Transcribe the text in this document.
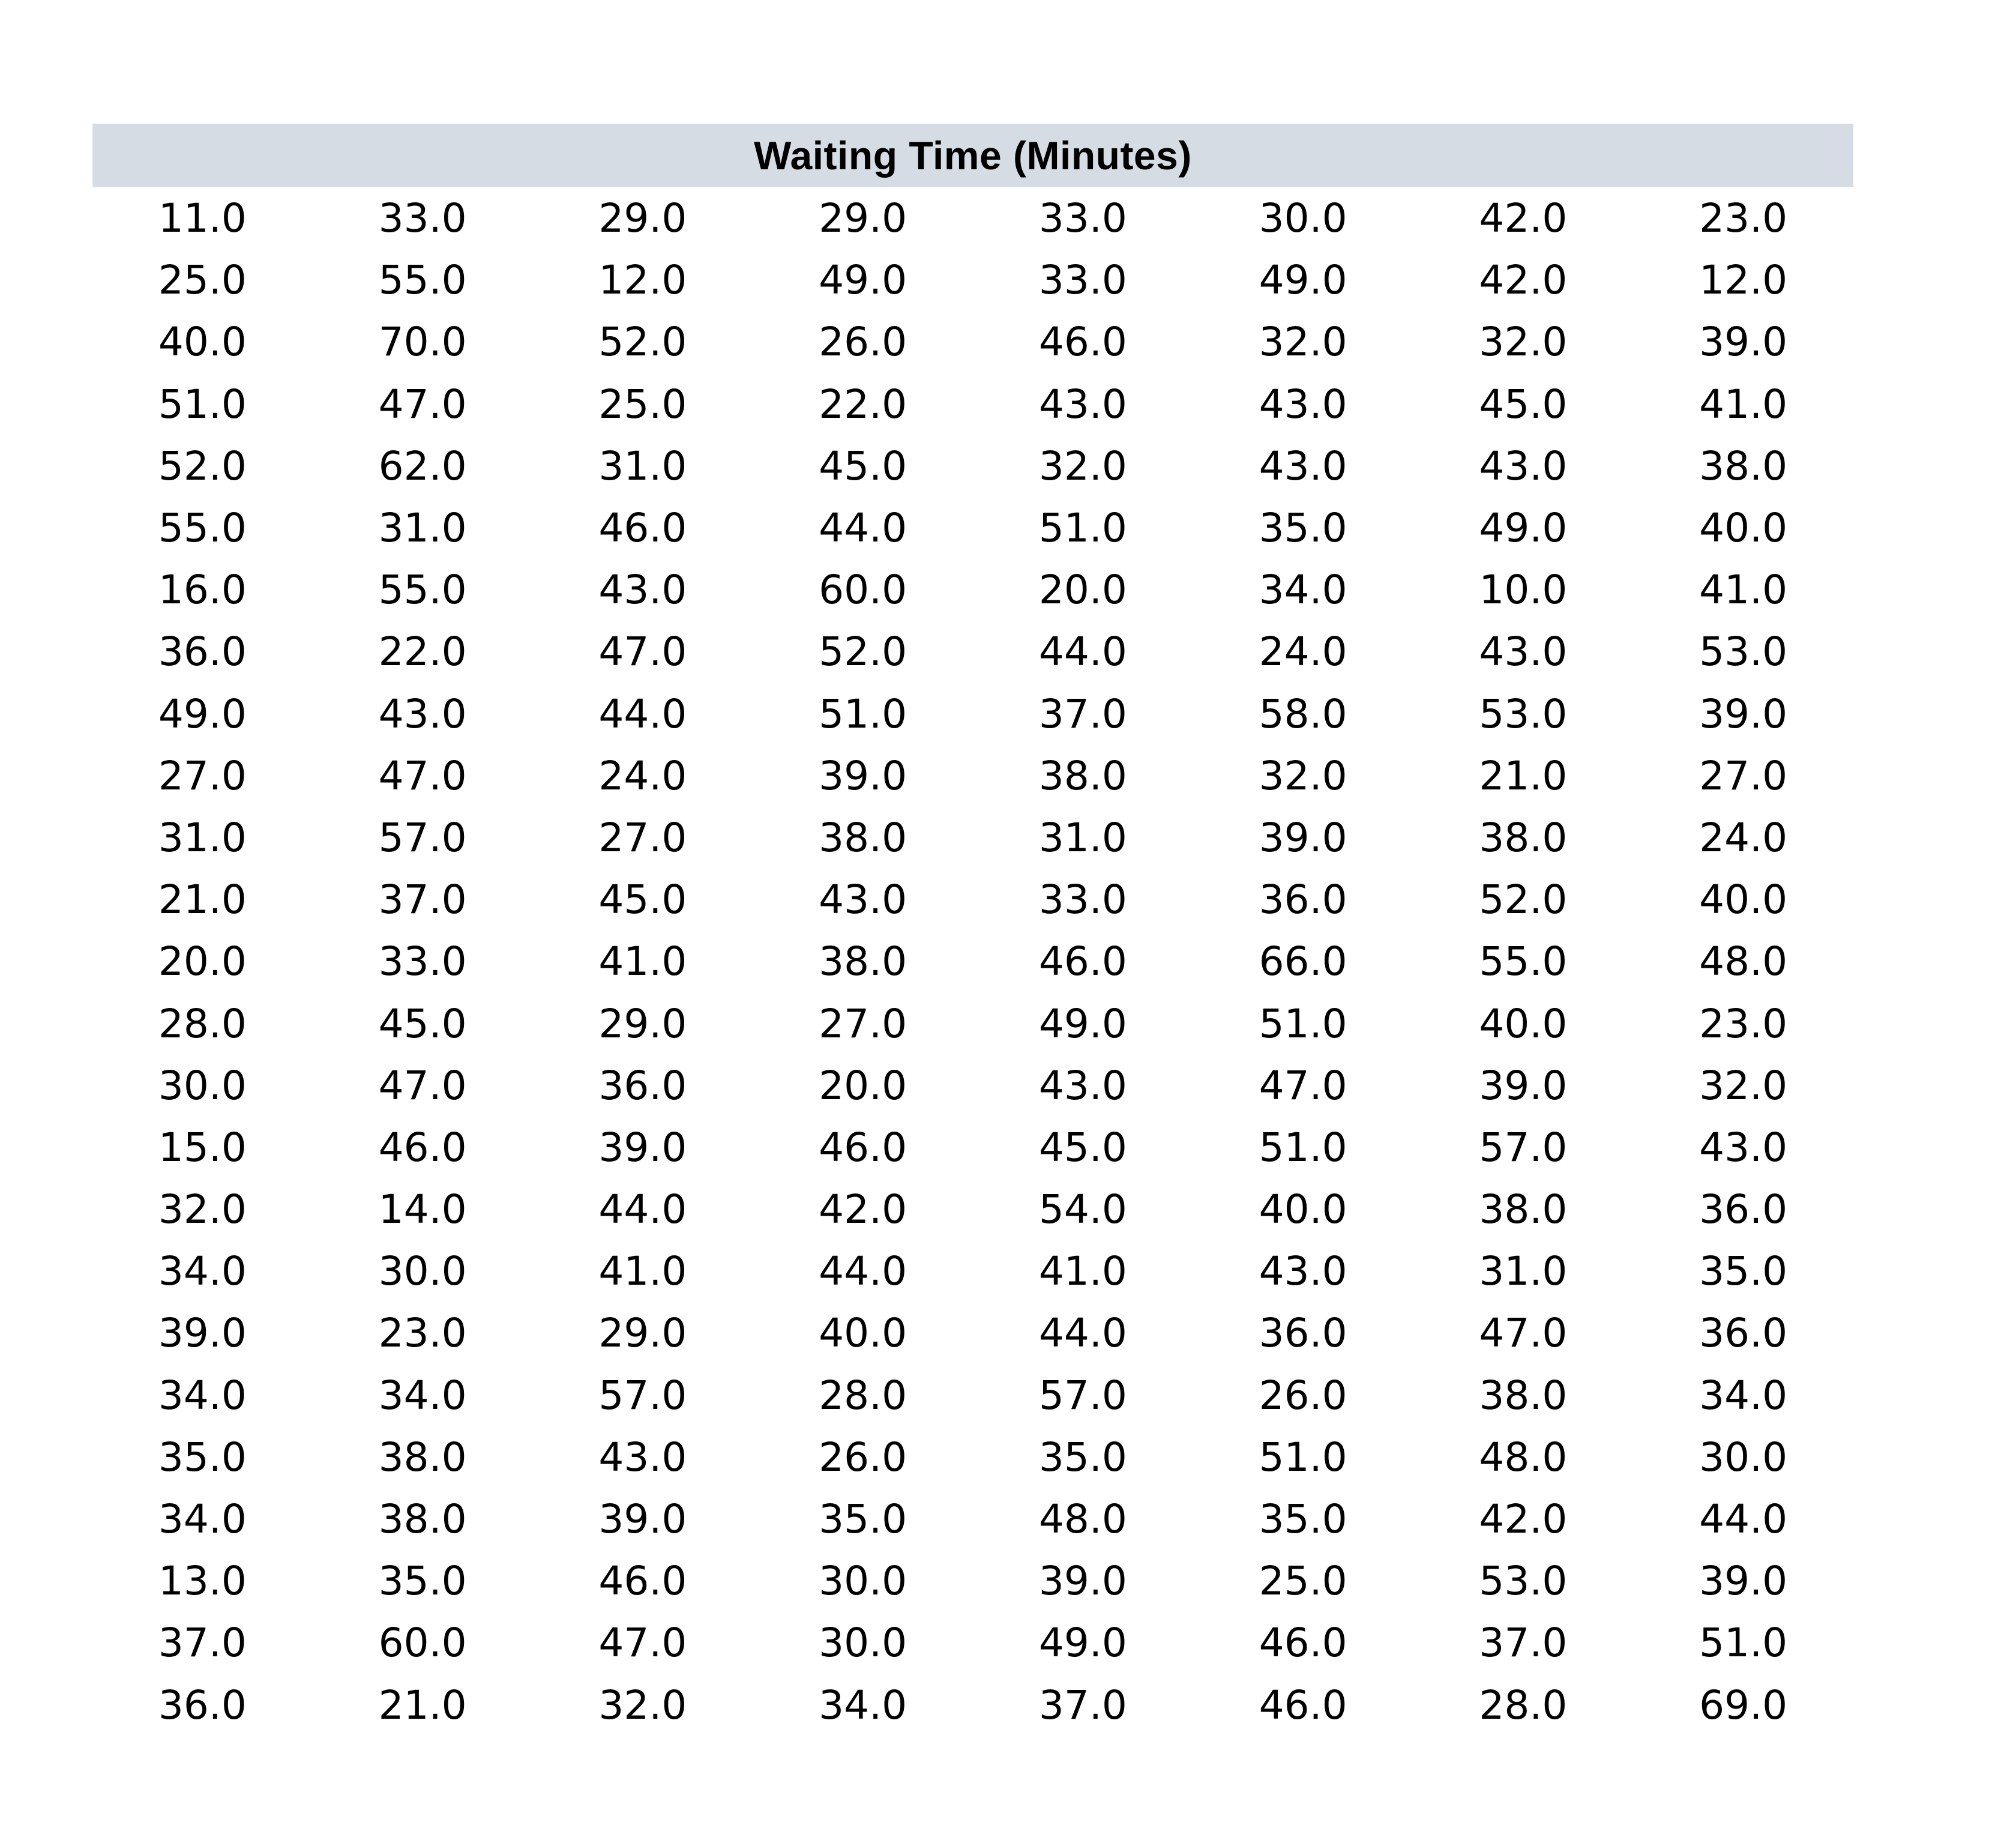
Waiting Time (Minutes)
11.0	33.0	29.0	29.0	33.0	30.0	42.0	23.0
25.0	55.0	12.0	49.0	33.0	49.0	42.0	12.0
40.0	70.0	52.0	26.0	46.0	32.0	32.0	39.0
51.0	47.0	25.0	22.0	43.0	43.0	45.0	41.0
52.0	62.0	31.0	45.0	32.0	43.0	43.0	38.0
55.0	31.0	46.0	44.0	51.0	35.0	49.0	40.0
16.0	55.0	43.0	60.0	20.0	34.0	10.0	41.0
36.0	22.0	47.0	52.0	44.0	24.0	43.0	53.0
49.0	43.0	44.0	51.0	37.0	58.0	53.0	39.0
27.0	47.0	24.0	39.0	38.0	32.0	21.0	27.0
31.0	57.0	27.0	38.0	31.0	39.0	38.0	24.0
21.0	37.0	45.0	43.0	33.0	36.0	52.0	40.0
20.0	33.0	41.0	38.0	46.0	66.0	55.0	48.0
28.0	45.0	29.0	27.0	49.0	51.0	40.0	23.0
30.0	47.0	36.0	20.0	43.0	47.0	39.0	32.0
15.0	46.0	39.0	46.0	45.0	51.0	57.0	43.0
32.0	14.0	44.0	42.0	54.0	40.0	38.0	36.0
34.0	30.0	41.0	44.0	41.0	43.0	31.0	35.0
39.0	23.0	29.0	40.0	44.0	36.0	47.0	36.0
34.0	34.0	57.0	28.0	57.0	26.0	38.0	34.0
35.0	38.0	43.0	26.0	35.0	51.0	48.0	30.0
34.0	38.0	39.0	35.0	48.0	35.0	42.0	44.0
13.0	35.0	46.0	30.0	39.0	25.0	53.0	39.0
37.0	60.0	47.0	30.0	49.0	46.0	37.0	51.0
36.0	21.0	32.0	34.0	37.0	46.0	28.0	69.0
